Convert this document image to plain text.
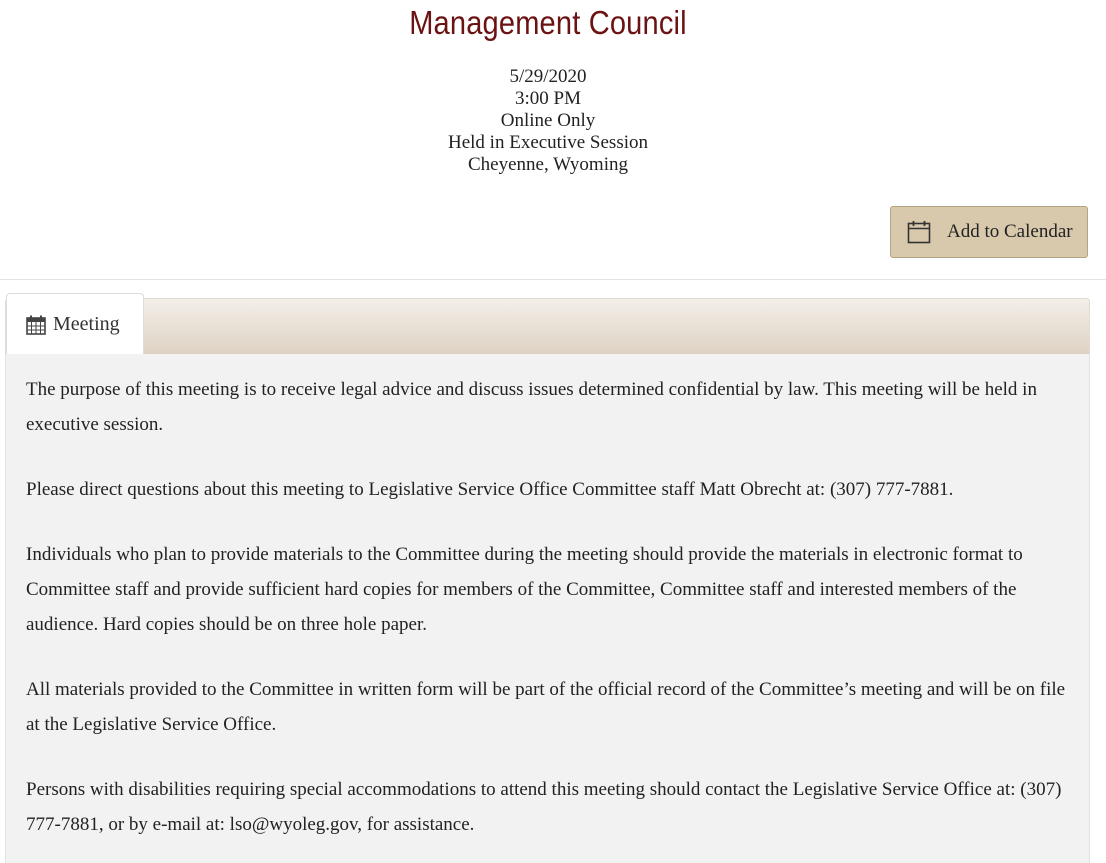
Management Council
5/29/2020
3:00 PM
Online Only
Held in Executive Session
Cheyenne, Wyoming
Add to Calendar
Meeting

The purpose of this meeting is to receive legal advice and discuss issues determined confidential by law. This meeting will be held in executive session.

Please direct questions about this meeting to Legislative Service Office Committee staff Matt Obrecht at: (307) 777-7881.

Individuals who plan to provide materials to the Committee during the meeting should provide the materials in electronic format to Committee staff and provide sufficient hard copies for members of the Committee, Committee staff and interested members of the audience. Hard copies should be on three hole paper.

All materials provided to the Committee in written form will be part of the official record of the Committee’s meeting and will be on file at the Legislative Service Office.

Persons with disabilities requiring special accommodations to attend this meeting should contact the Legislative Service Office at: (307) 777-7881, or by e-mail at: lso@wyoleg.gov, for assistance.
